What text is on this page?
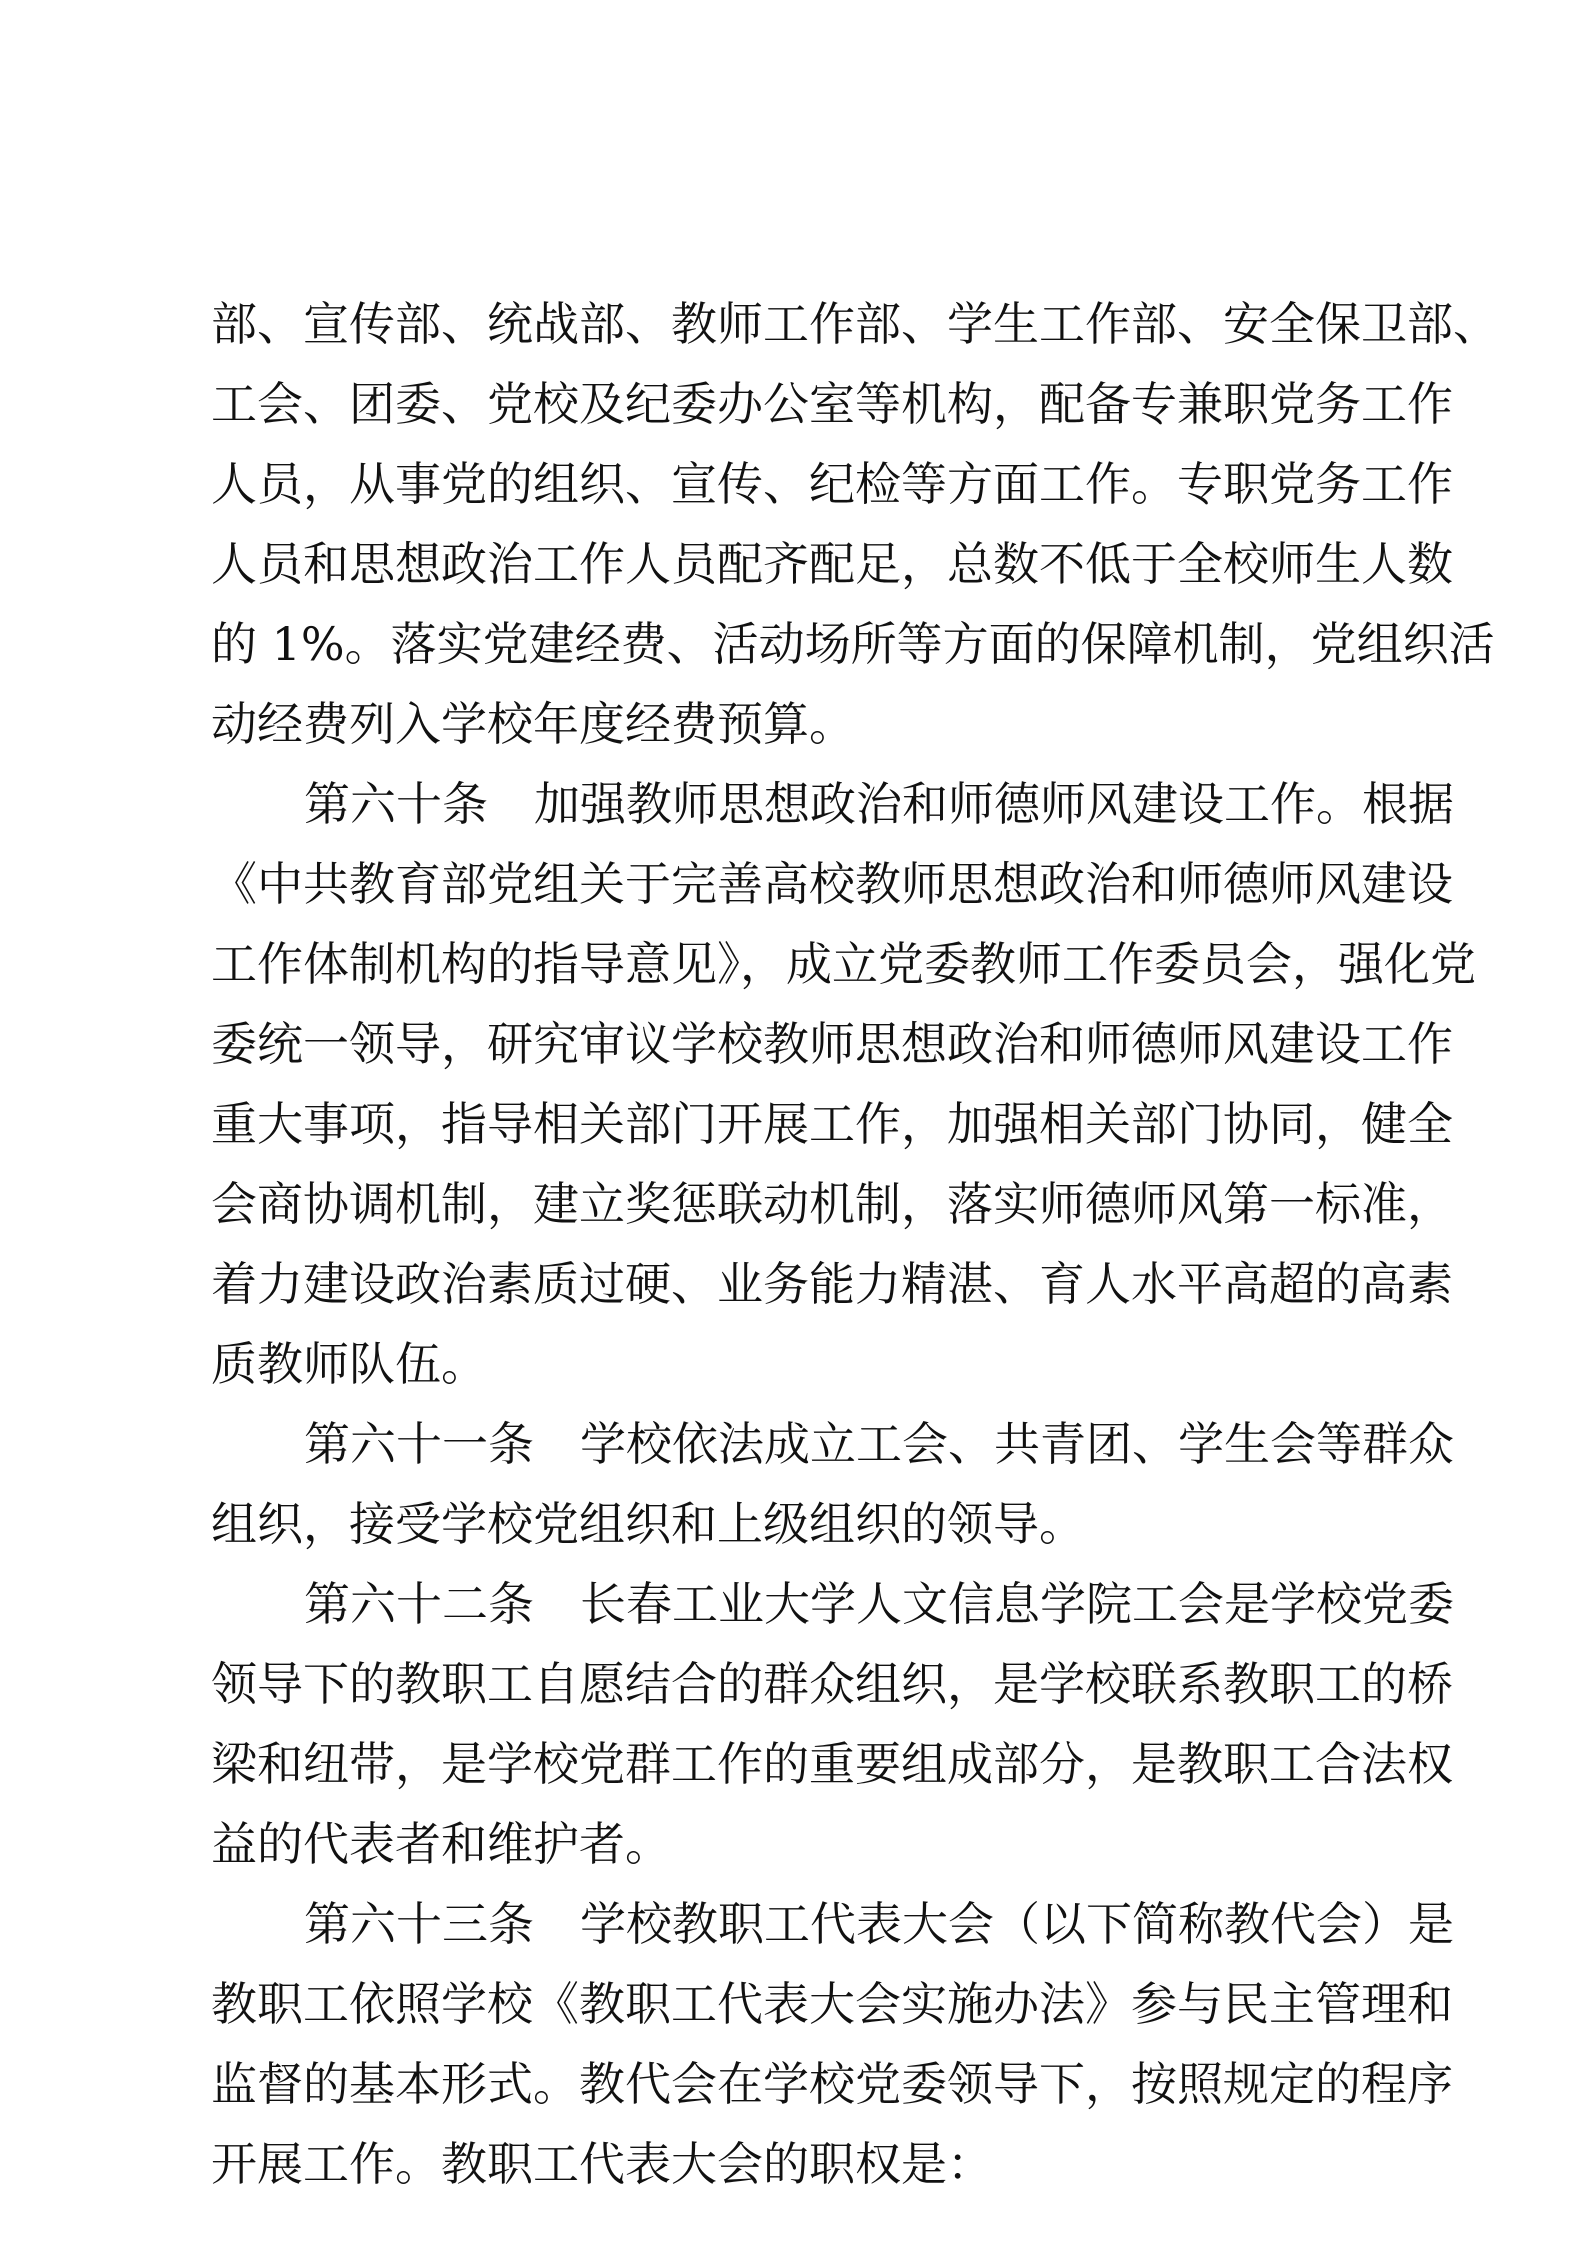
部、宣传部、统战部、教师工作部、学生工作部、安全保卫部、
工会、团委、党校及纪委办公室等机构，配备专兼职党务工作
人员，从事党的组织、宣传、纪检等方面工作。专职党务工作
人员和思想政治工作人员配齐配足，总数不低于全校师生人数
的 1%。落实党建经费、活动场所等方面的保障机制，党组织活
动经费列入学校年度经费预算。
第六十条　加强教师思想政治和师德师风建设工作。根据
《中共教育部党组关于完善高校教师思想政治和师德师风建设
工作体制机构的指导意见》，成立党委教师工作委员会，强化党
委统一领导，研究审议学校教师思想政治和师德师风建设工作
重大事项，指导相关部门开展工作，加强相关部门协同，健全
会商协调机制，建立奖惩联动机制，落实师德师风第一标准，
着力建设政治素质过硬、业务能力精湛、育人水平高超的高素
质教师队伍。
第六十一条　学校依法成立工会、共青团、学生会等群众
组织，接受学校党组织和上级组织的领导。
第六十二条　长春工业大学人文信息学院工会是学校党委
领导下的教职工自愿结合的群众组织，是学校联系教职工的桥
梁和纽带，是学校党群工作的重要组成部分，是教职工合法权
益的代表者和维护者。
第六十三条　学校教职工代表大会（以下简称教代会）是
教职工依照学校《教职工代表大会实施办法》参与民主管理和
监督的基本形式。教代会在学校党委领导下，按照规定的程序
开展工作。教职工代表大会的职权是：
